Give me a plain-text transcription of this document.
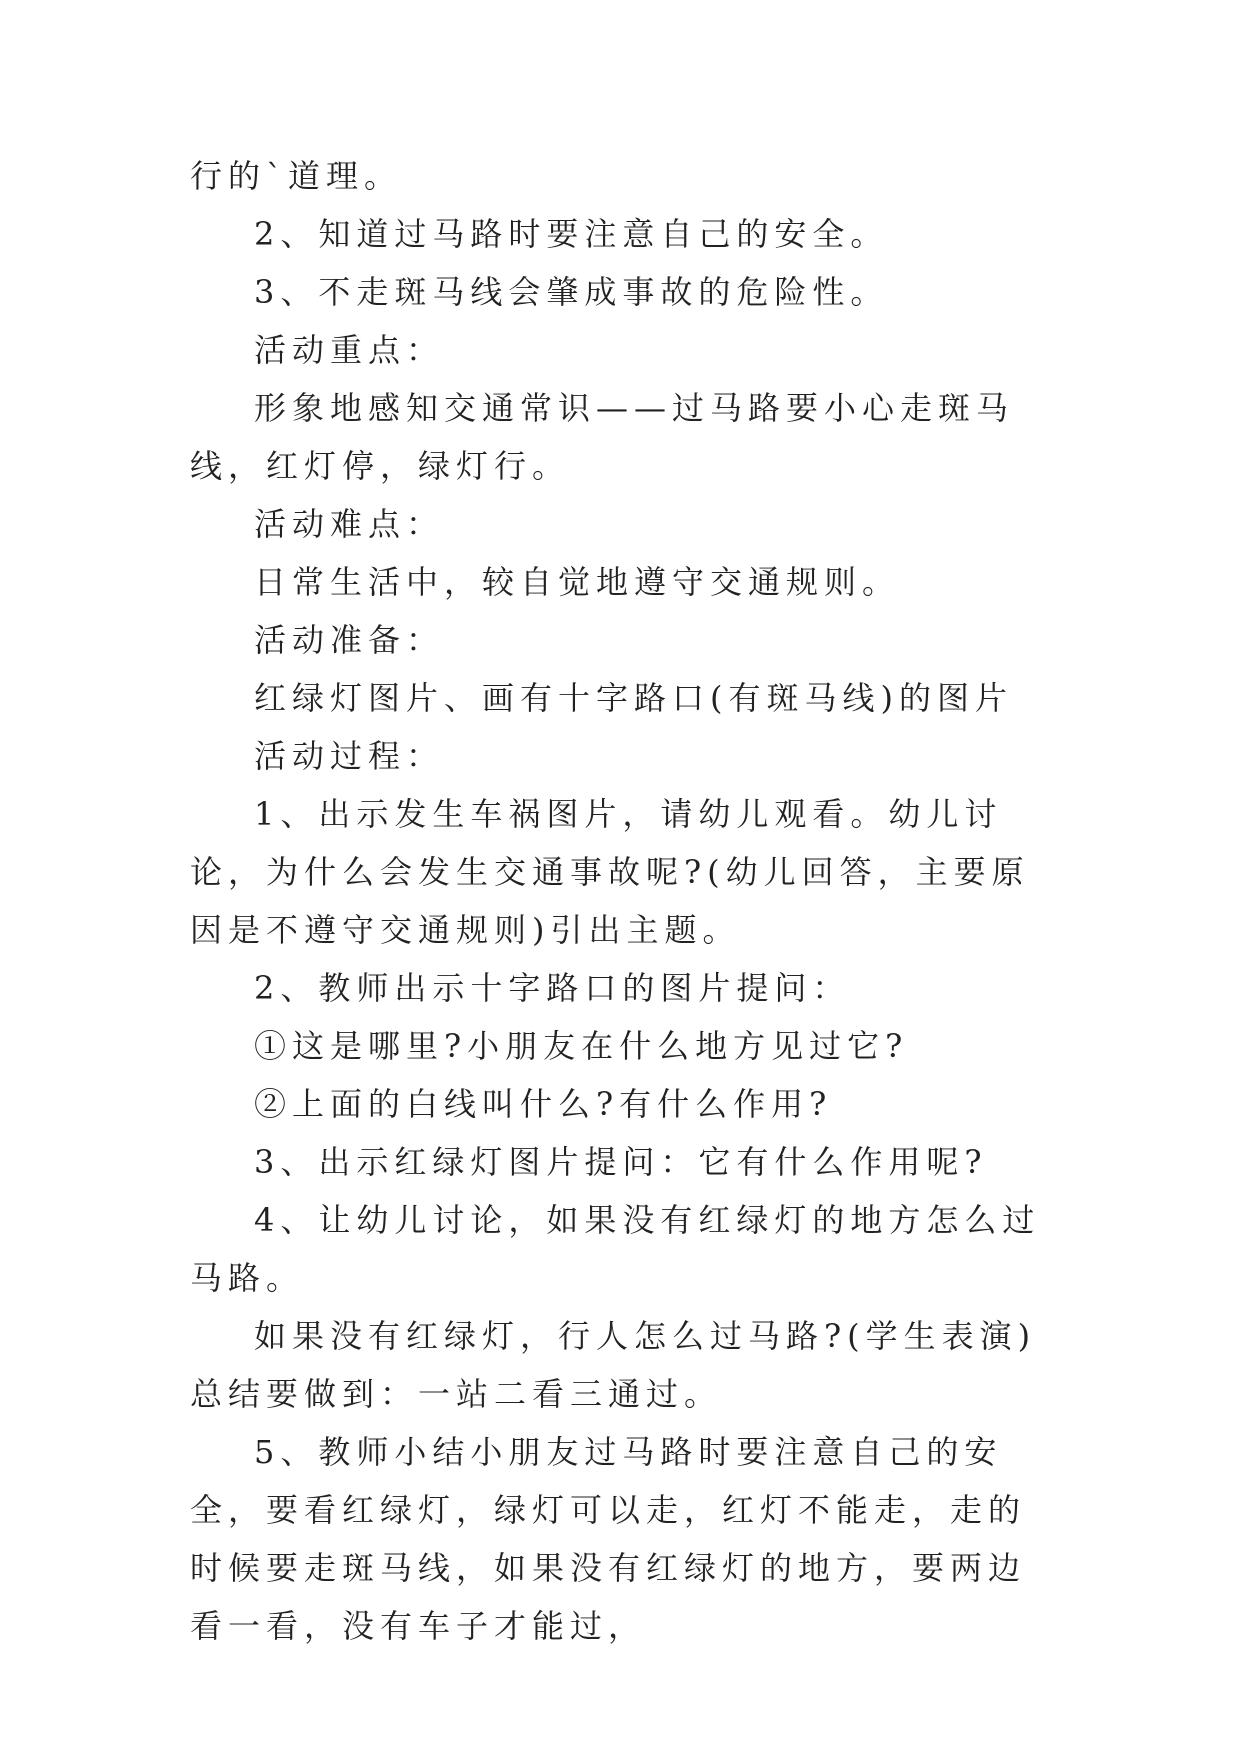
行的`道理。

2、知道过马路时要注意自己的安全。

3、不走斑马线会肇成事故的危险性。

活动重点：

形象地感知交通常识——过马路要小心走斑马线，红灯停，绿灯行。

活动难点：

日常生活中，较自觉地遵守交通规则。

活动准备：

红绿灯图片、画有十字路口(有斑马线)的图片

活动过程：

1、出示发生车祸图片，请幼儿观看。幼儿讨论，为什么会发生交通事故呢?(幼儿回答，主要原因是不遵守交通规则)引出主题。

2、教师出示十字路口的图片提问：

①这是哪里?小朋友在什么地方见过它?

②上面的白线叫什么?有什么作用?

3、出示红绿灯图片提问：它有什么作用呢?

4、让幼儿讨论，如果没有红绿灯的地方怎么过马路。

如果没有红绿灯，行人怎么过马路?(学生表演)总结要做到：一站二看三通过。

5、教师小结小朋友过马路时要注意自己的安全，要看红绿灯，绿灯可以走，红灯不能走，走的时候要走斑马线，如果没有红绿灯的地方，要两边看一看，没有车子才能过，
